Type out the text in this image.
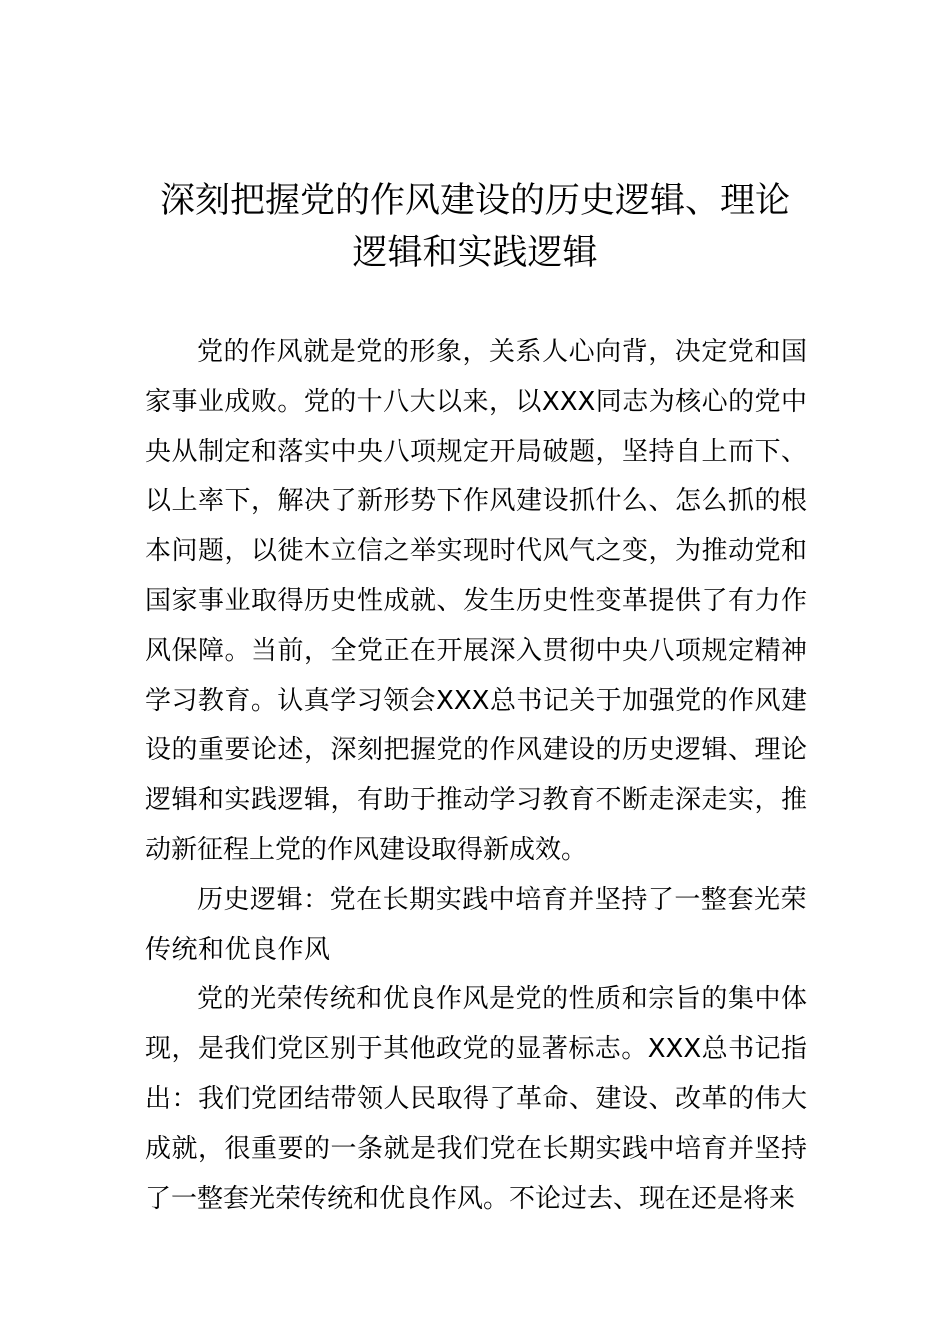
深刻把握党的作风建设的历史逻辑、理论
逻辑和实践逻辑

党的作风就是党的形象，关系人心向背，决定党和国家事业成败。党的十八大以来，以XXX同志为核心的党中央从制定和落实中央八项规定开局破题，坚持自上而下、以上率下，解决了新形势下作风建设抓什么、怎么抓的根本问题，以徙木立信之举实现时代风气之变，为推动党和国家事业取得历史性成就、发生历史性变革提供了有力作风保障。当前，全党正在开展深入贯彻中央八项规定精神学习教育。认真学习领会XXX总书记关于加强党的作风建设的重要论述，深刻把握党的作风建设的历史逻辑、理论逻辑和实践逻辑，有助于推动学习教育不断走深走实，推动新征程上党的作风建设取得新成效。

历史逻辑：党在长期实践中培育并坚持了一整套光荣传统和优良作风

党的光荣传统和优良作风是党的性质和宗旨的集中体现，是我们党区别于其他政党的显著标志。XXX总书记指出：我们党团结带领人民取得了革命、建设、改革的伟大成就，很重要的一条就是我们党在长期实践中培育并坚持了一整套光荣传统和优良作风。不论过去、现在还是将来
